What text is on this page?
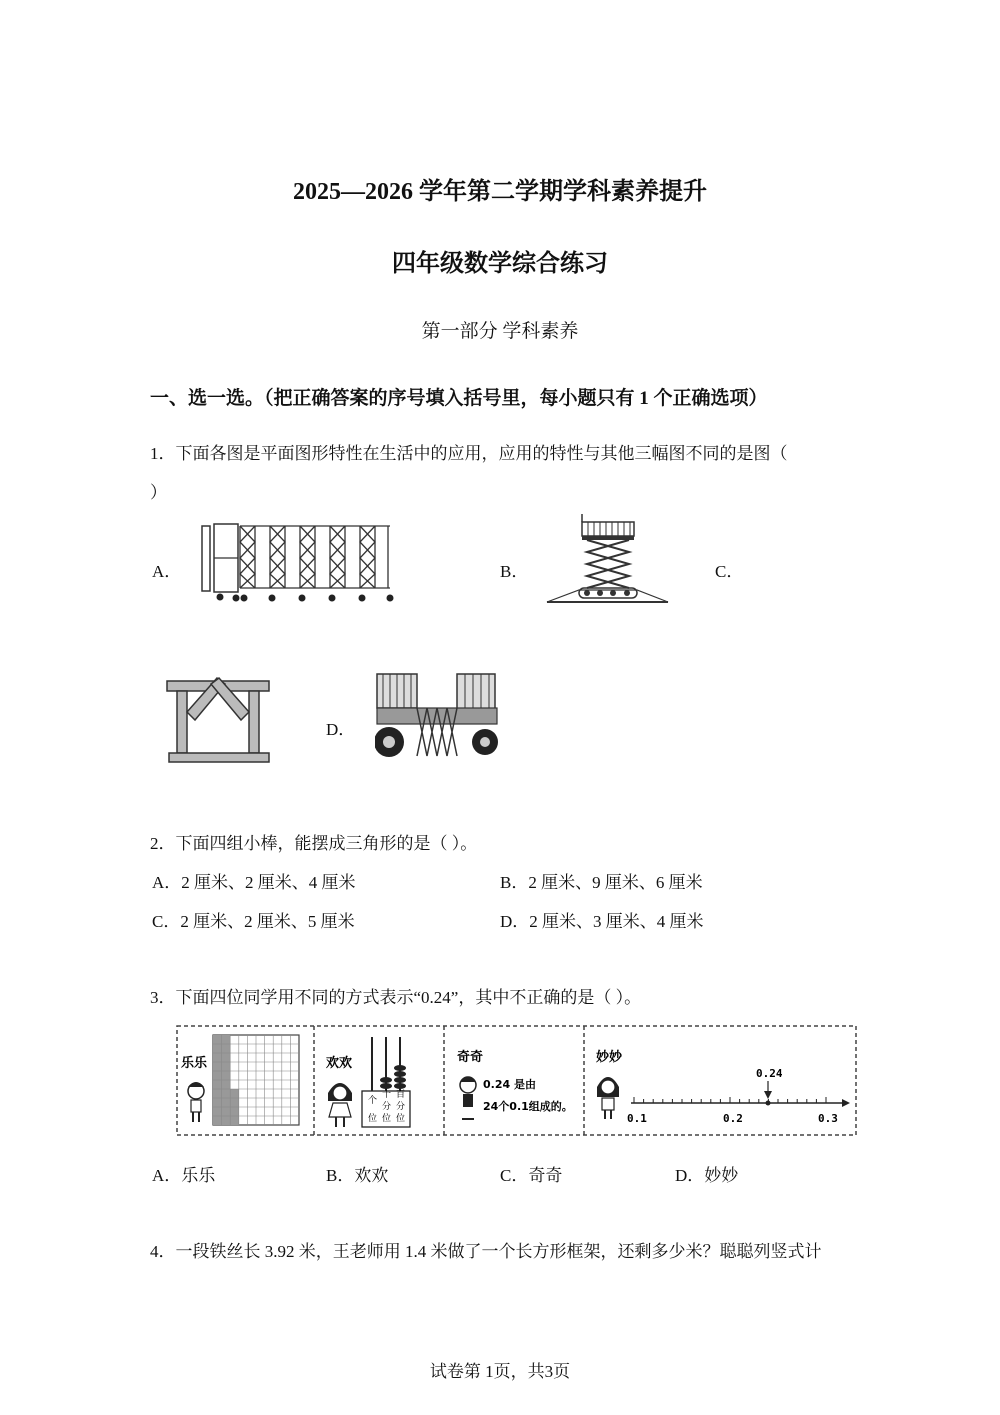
2025—2026 学年第二学期学科素养提升
四年级数学综合练习
第一部分 学科素养
一、选一选。（把正确答案的序号填入括号里，每小题只有 1 个正确选项）
1．下面各图是平面图形特性在生活中的应用，应用的特性与其他三幅图不同的是图（
）
A．	B．	C．
D．
2．下面四组小棒，能摆成三角形的是（ ）。
A．2 厘米、2 厘米、4 厘米	B．2 厘米、9 厘米、6 厘米
C．2 厘米、2 厘米、5 厘米	D．2 厘米、3 厘米、4 厘米
3．下面四位同学用不同的方式表示“0.24”，其中不正确的是（ ）。
乐乐	欢欢
个
十 百
分 分
位 位 位
奇奇
0.24 是由
24个0.1组成的。
妙妙
0.24
0.1	0.2	0.3
A．乐乐	B．欢欢	C．奇奇	D．妙妙
4．一段铁丝长 3.92 米，王老师用 1.4 米做了一个长方形框架，还剩多少米？聪聪列竖式计
试卷第 1页，共3页
